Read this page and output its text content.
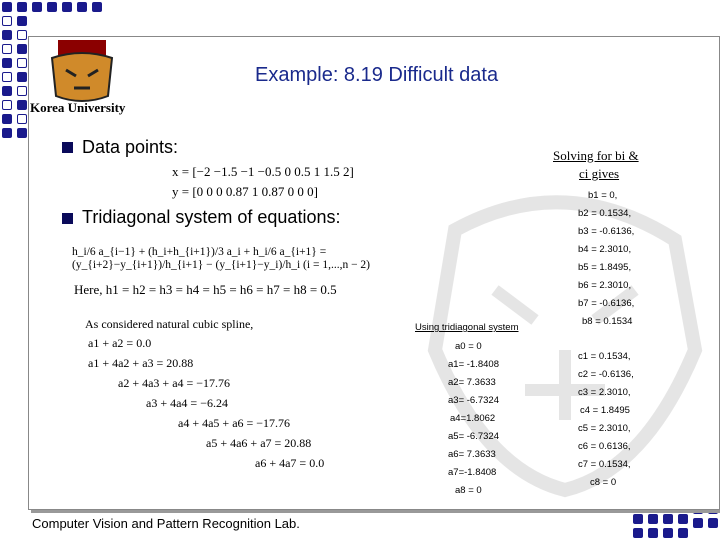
Korea University
Example: 8.19 Difficult data
Data points:
x = [−2 −1.5 −1 −0.5 0 0.5 1 1.5 2]
y = [0 0 0 0.87 1 0.87 0 0 0]
Tridiagonal system of equations:
h_i/6 a_{i−1} + (h_i+h_{i+1})/3 a_i + h_i/6 a_{i+1} = (y_{i+2}−y_{i+1})/h_{i+1} − (y_{i+1}−y_i)/h_i (i = 1,...,n − 2)
Here, h1 = h2 = h3 = h4 = h5 = h6 = h7 = h8 = 0.5
As considered natural cubic spline,
a1 + a2 = 0.0
a1 + 4a2 + a3 = 20.88
a2 + 4a3 + a4 = −17.76
a3 + 4a4 = −6.24
a4 + 4a5 + a6 = −17.76
a5 + 4a6 + a7 = 20.88
a6 + 4a7 = 0.0
Solving for bi &
ci gives
b1 = 0,
b2 = 0.1534,
b3 = -0.6136,
b4 = 2.3010,
b5 = 1.8495,
b6 = 2.3010,
b7 = -0.6136,
b8 = 0.1534
c1 = 0.1534,
c2 = -0.6136,
c3 = 2.3010,
c4 = 1.8495
c5 = 2.3010,
c6 = 0.6136,
c7 = 0.1534,
c8 = 0
Using tridiagonal system
a0 = 0
a1= -1.8408
a2= 7.3633
a3= -6.7324
a4=1.8062
a5= -6.7324
a6= 7.3633
a7=-1.8408
a8 = 0
Computer Vision and Pattern Recognition Lab.
